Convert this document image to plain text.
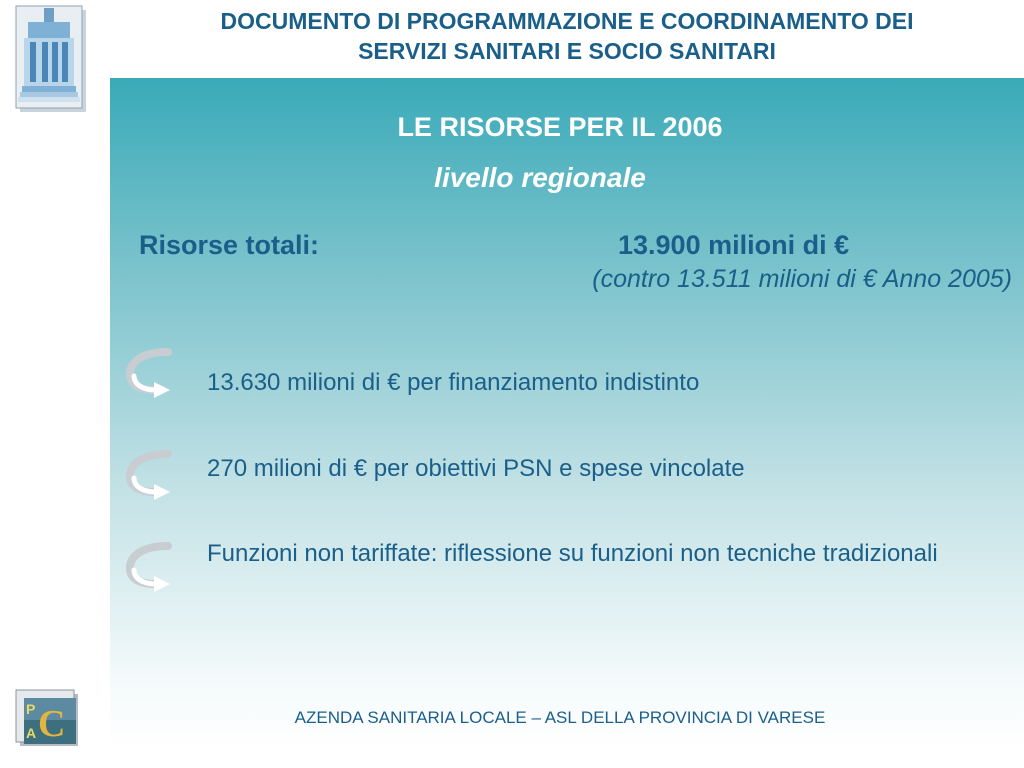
DOCUMENTO DI PROGRAMMAZIONE E COORDINAMENTO DEI
SERVIZI SANITARI E SOCIO SANITARI
LE RISORSE PER IL 2006
livello regionale
Risorse totali:	13.900 milioni di €
(contro 13.511 milioni di € Anno 2005)
13.630 milioni di € per finanziamento indistinto
270 milioni di € per obiettivi PSN e spese vincolate
Funzioni non tariffate: riflessione su funzioni non tecniche tradizionali
P
A C	AZENDA SANITARIA LOCALE – ASL DELLA PROVINCIA DI VARESE
